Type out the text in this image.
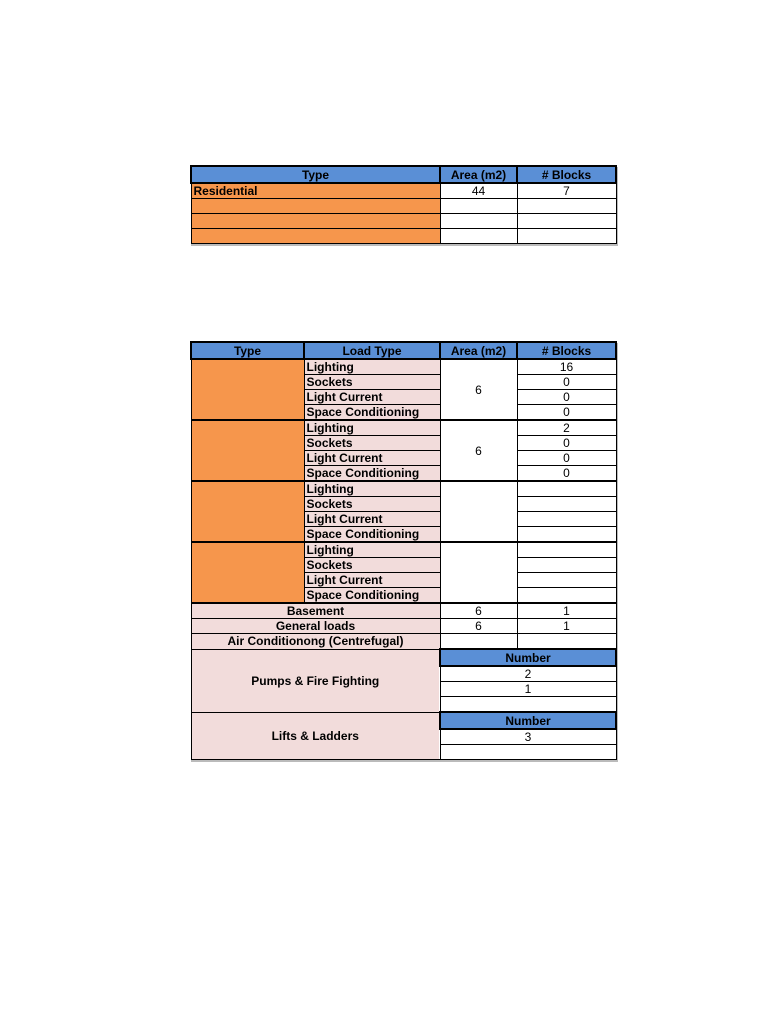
Type	Area (m2)	# Blocks
Residential	44	7

Type	Load Type	Area (m2)	# Blocks
	Lighting	6	16
	Sockets		0
	Light Current		0
	Space Conditioning		0
	Lighting	6	2
	Sockets		0
	Light Current		0
	Space Conditioning		0
	Lighting		
	Sockets		
	Light Current		
	Space Conditioning		
	Lighting		
	Sockets		
	Light Current		
	Space Conditioning		
Basement		6	1
General loads		6	1
Air Conditionong (Centrefugal)			
Pumps & Fire Fighting		Number	
		2	
		1	

Lifts & Ladders		Number	
		3	
